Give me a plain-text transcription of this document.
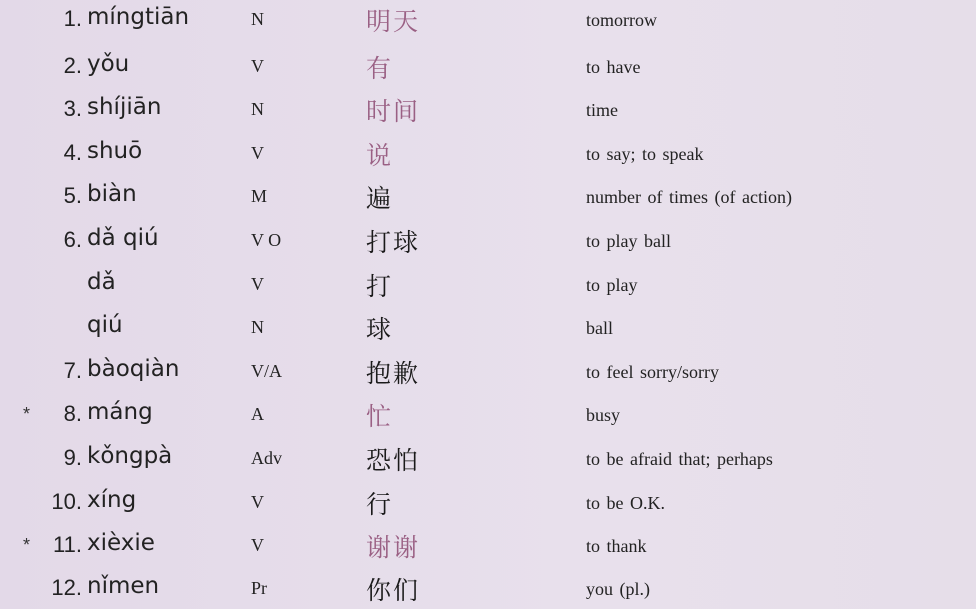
1. míngtiān	N	明天	tomorrow
2. yǒu	V	有	to have
3. shíjiān	N	时间	time
4. shuō	V	说	to say; to speak
5. biàn	M	遍	number of times (of action)
6. dǎ qiú	V O	打球	to play ball
dǎ	V	打	to play
qiú	N	球	ball
7. bàoqiàn	V/A	抱歉	to feel sorry/sorry
*	8. máng	A	忙	busy
9. kǒngpà	Adv	恐怕	to be afraid that; perhaps
10. xíng	V	行	to be O.K.
*	11. xièxie	V	谢谢	to thank
12. nǐmen	Pr	你们	you (pl.)
